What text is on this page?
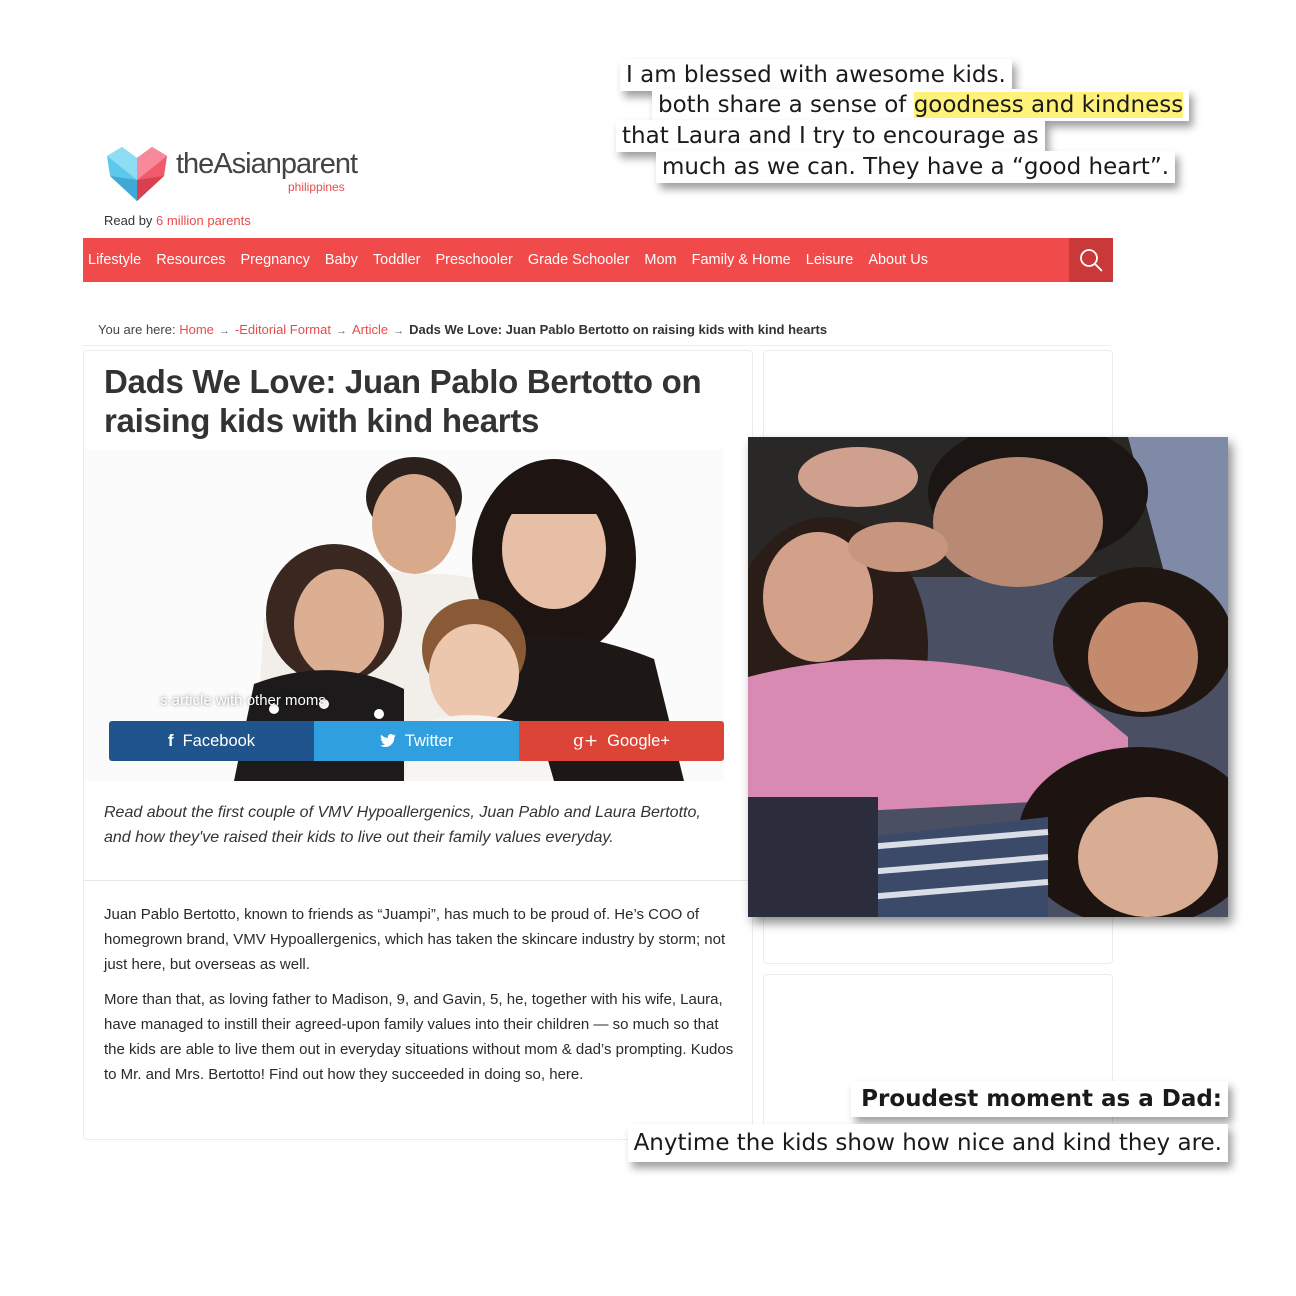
theAsianparent
philippines
Read by 6 million parents
Lifestyle Resources Pregnancy Baby Toddler Preschooler Grade Schooler Mom Family & Home Leisure About Us
You are here: Home → -Editorial Format → Article → Dads We Love: Juan Pablo Bertotto on raising kids with kind hearts
Dads We Love: Juan Pablo Bertotto on raising kids with kind hearts
s article with other moms
f Facebook	Twitter	g+ Google+

Read about the first couple of VMV Hypoallergenics, Juan Pablo and Laura Bertotto, and how they've raised their kids to live out their family values everyday.

Juan Pablo Bertotto, known to friends as “Juampi”, has much to be proud of. He’s COO of homegrown brand, VMV Hypoallergenics, which has taken the skincare industry by storm; not just here, but overseas as well.

More than that, as loving father to Madison, 9, and Gavin, 5, he, together with his wife, Laura, have managed to instill their agreed-upon family values into their children — so much so that the kids are able to live them out in everyday situations without mom & dad’s prompting. Kudos to Mr. and Mrs. Bertotto! Find out how they succeeded in doing so, here.

I am blessed with awesome kids.
both share a sense of goodness and kindness
that Laura and I try to encourage as
much as we can. They have a “good heart”.
Proudest moment as a Dad:
Anytime the kids show how nice and kind they are.
